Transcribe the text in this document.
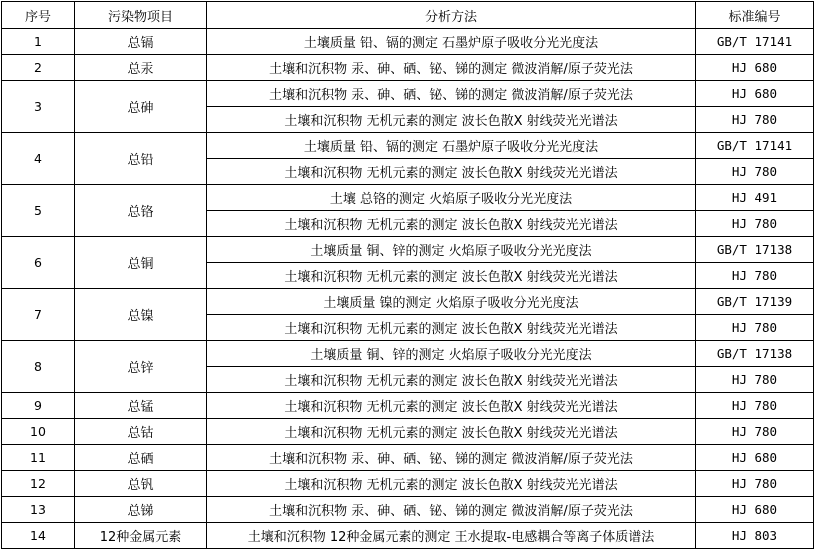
序号	污染物项目	分析方法	标准编号
1	总镉	土壤质量 铅、镉的测定 石墨炉原子吸收分光光度法	GB/T 17141
2	总汞	土壤和沉积物 汞、砷、硒、铋、锑的测定 微波消解/原子荧光法	HJ 680
3	总砷	土壤和沉积物 汞、砷、硒、铋、锑的测定 微波消解/原子荧光法	HJ 680
		土壤和沉积物 无机元素的测定 波长色散X 射线荧光光谱法	HJ 780
4	总铅	土壤质量 铅、镉的测定 石墨炉原子吸收分光光度法	GB/T 17141
		土壤和沉积物 无机元素的测定 波长色散X 射线荧光光谱法	HJ 780
5	总铬	土壤 总铬的测定 火焰原子吸收分光光度法	HJ 491
		土壤和沉积物 无机元素的测定 波长色散X 射线荧光光谱法	HJ 780
6	总铜	土壤质量 铜、锌的测定 火焰原子吸收分光光度法	GB/T 17138
		土壤和沉积物 无机元素的测定 波长色散X 射线荧光光谱法	HJ 780
7	总镍	土壤质量 镍的测定 火焰原子吸收分光光度法	GB/T 17139
		土壤和沉积物 无机元素的测定 波长色散X 射线荧光光谱法	HJ 780
8	总锌	土壤质量 铜、锌的测定 火焰原子吸收分光光度法	GB/T 17138
		土壤和沉积物 无机元素的测定 波长色散X 射线荧光光谱法	HJ 780
9	总锰	土壤和沉积物 无机元素的测定 波长色散X 射线荧光光谱法	HJ 780
10	总钴	土壤和沉积物 无机元素的测定 波长色散X 射线荧光光谱法	HJ 780
11	总硒	土壤和沉积物 汞、砷、硒、铋、锑的测定 微波消解/原子荧光法	HJ 680
12	总钒	土壤和沉积物 无机元素的测定 波长色散X 射线荧光光谱法	HJ 780
13	总锑	土壤和沉积物 汞、砷、硒、铋、锑的测定 微波消解/原子荧光法	HJ 680
14	12种金属元素	土壤和沉积物 12种金属元素的测定 王水提取-电感耦合等离子体质谱法	HJ 803
